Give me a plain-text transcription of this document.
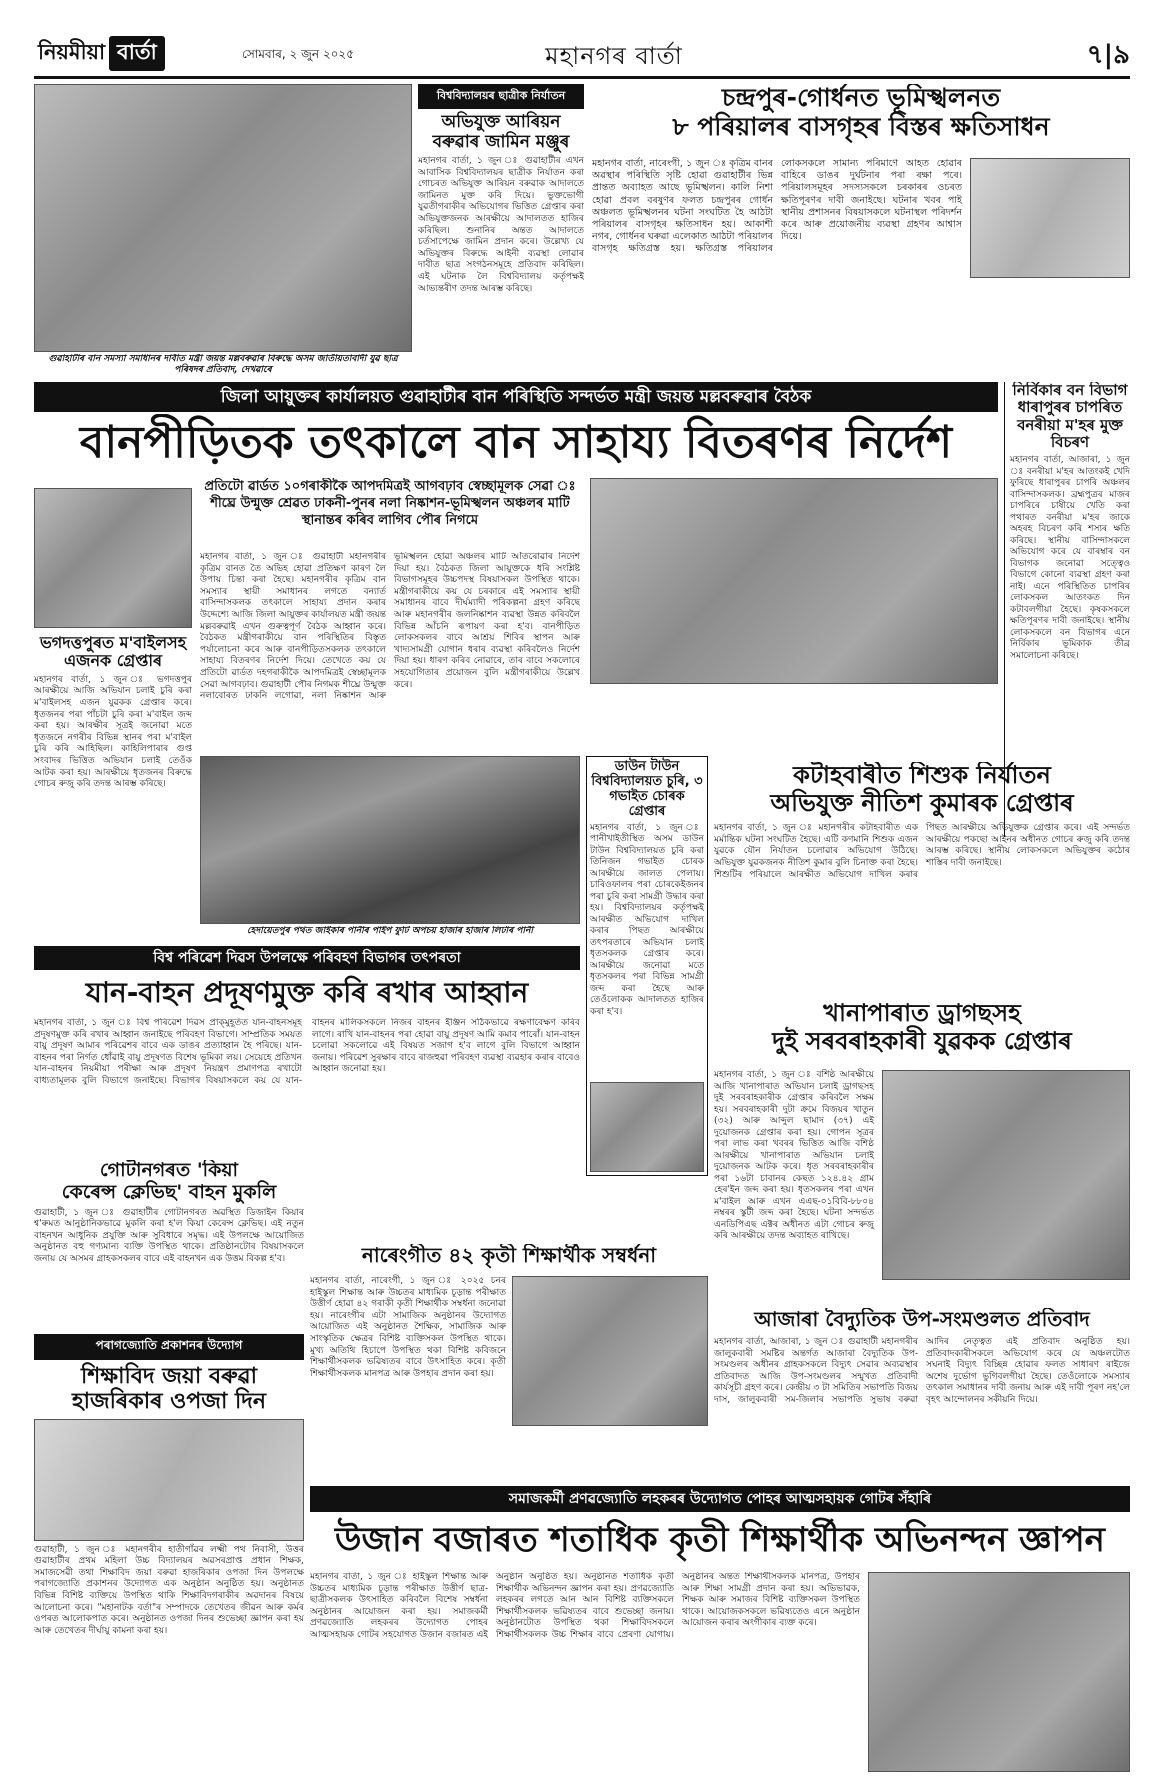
নিয়মীয়া বাৰ্তা	সোমবাৰ, ২ জুন ২০২৫	মহানগৰ বাৰ্তা	৭|৯
গুৱাহাটীৰ বান সমস্যা সমাধানৰ দাবীত মন্ত্ৰী জয়ন্ত মল্লবৰুৱাৰ বিৰুদ্ধে অসম জাতীয়তাবাদী যুৱ ছাত্ৰ পৰিষদৰ প্ৰতিবাদ, দেখৱাৰে
বিশ্ববিদ্যালয়ৰ ছাত্ৰীক নিৰ্যাতন
অভিযুক্ত আৰিয়ন বৰুৱাৰ জামিন মঞ্জুৰ
মহানগৰ বাৰ্তা, ১ জুন ঃ গুৱাহাটীৰ এখন আবাসিক বিশ্ববিদ্যালয়ৰ ছাত্ৰীক নিৰ্যাতন কৰা গোচৰত অভিযুক্ত আৰিয়ন বৰুৱাক আদালতে জামিনত মুক্ত কৰি দিয়ে। ভুক্তভোগী যুৱতীগৰাকীৰ অভিযোগৰ ভিত্তিত গ্ৰেপ্তাৰ কৰা অভিযুক্তজনক আৰক্ষীয়ে আদালতত হাজিৰ কৰিছিল। শুনানিৰ অন্তত আদালতে চৰ্তসাপেক্ষে জামিন প্ৰদান কৰে। উল্লেখ্য যে অভিযুক্তৰ বিৰুদ্ধে আইনী ব্যৱস্থা লোৱাৰ দাবীত ছাত্ৰ সংগঠনসমূহে প্ৰতিবাদ কৰিছিল। এই ঘটনাক লৈ বিশ্ববিদ্যালয় কৰ্তৃপক্ষই আভ্যন্তৰীণ তদন্ত আৰম্ভ কৰিছে।
চন্দ্ৰপুৰ-গোৰ্ধনত ভূমিস্খলনত
৮ পৰিয়ালৰ বাসগৃহৰ বিস্তৰ ক্ষতিসাধন
মহানগৰ বাৰ্তা, নাৰেংগী, ১ জুন ঃ কৃত্ৰিম বানৰ অৱস্থাৰ পৰিস্থিতি সৃষ্টি হোৱা গুৱাহাটীৰ ভিন্ন প্ৰান্তত অব্যাহত আছে ভূমিস্খলন। কালি নিশা হোৱা প্ৰবল বৰষুণৰ ফলত চন্দ্ৰপুৰৰ গোৰ্ধন অঞ্চলত ভূমিস্খলনৰ ঘটনা সংঘটিত হৈ আঠটা পৰিয়ালৰ বাসগৃহৰ ক্ষতিসাধন হয়। আকাশী নগৰ, গোৰ্ধনৰ ঘৰুৱা এলেকাত আঠটা পৰিয়ালৰ বাসগৃহ ক্ষতিগ্ৰস্ত হয়। ক্ষতিগ্ৰস্ত পৰিয়ালৰ লোকসকলে সামান্য পৰিমাণে আহত হোৱাৰ বাহিৰে ডাঙৰ দুৰ্ঘটনাৰ পৰা ৰক্ষা পৰে। পৰিয়ালসমূহৰ সদস্যসকলে চৰকাৰৰ ওচৰত ক্ষতিপূৰণৰ দাবী জনাইছে। ঘটনাৰ খবৰ পাই স্থানীয় প্ৰশাসনৰ বিষয়াসকলে ঘটনাস্থল পৰিদৰ্শন কৰে আৰু প্ৰয়োজনীয় ব্যৱস্থা গ্ৰহণৰ আশ্বাস দিয়ে।
জিলা আয়ুক্তৰ কাৰ্যালয়ত গুৱাহাটীৰ বান পৰিস্থিতি সন্দৰ্ভত মন্ত্ৰী জয়ন্ত মল্লবৰুৱাৰ বৈঠক
বানপীড়িতক তৎকালে বান সাহায্য বিতৰণৰ নিৰ্দেশ
নিৰ্বিকাৰ বন বিভাগ ধাৰাপুৰৰ চাপৰিত বনৰীয়া ম'হৰ মুক্ত বিচৰণ
মহানগৰ বাৰ্তা, আজাৰা, ১ জুন ঃ বনৰীয়া ম'হৰ আতংকই খেদি ফুৰিছে ধাৰাপুৰৰ চাপৰি অঞ্চলৰ বাসিন্দাসকলক। ব্ৰহ্মপুত্ৰৰ মাজৰ চাপৰিৰে চাষীয়ে খেতি কৰা পথাৰত বনৰীয়া ম'হৰ জাকে অহৰহ বিচৰণ কৰি শস্যৰ ক্ষতি কৰিছে। স্থানীয় বাসিন্দাসকলে অভিযোগ কৰে যে বাৰম্বাৰ বন বিভাগক জনোৱা সত্ত্বেও বিভাগে কোনো ব্যৱস্থা গ্ৰহণ কৰা নাই। এনে পৰিস্থিতিত চাপৰিৰ লোকসকল আতংকত দিন কটাবলগীয়া হৈছে। কৃষকসকলে ক্ষতিপূৰণৰ দাবী জনাইছে। স্থানীয় লোকসকলে বন বিভাগৰ এনে নিৰ্বিকাৰ ভূমিকাক তীব্ৰ সমালোচনা কৰিছে।
ভগদত্তপুৰত ম'বাইলসহ এজনক গ্ৰেপ্তাৰ
মহানগৰ বাৰ্তা, ১ জুন ঃ ভগদত্তপুৰ আৰক্ষীয়ে আজি অভিযান চলাই চুৰি কৰা ম'বাইলসহ এজন যুৱকক গ্ৰেপ্তাৰ কৰে। ধৃতজনৰ পৰা পাঁচটা চুৰি কৰা ম'বাইল জব্দ কৰা হয়। আৰক্ষীৰ সূত্ৰই জনোৱা মতে ধৃতজনে নগৰীৰ বিভিন্ন স্থানৰ পৰা ম'বাইল চুৰি কৰি আহিছিল। কাহিলিপাৰাৰ গুপ্ত সংবাদৰ ভিত্তিত অভিযান চলাই তেওঁক আটক কৰা হয়। আৰক্ষীয়ে ধৃতজনৰ বিৰুদ্ধে গোচৰ ৰুজু কৰি তদন্ত আৰম্ভ কৰিছে।
প্ৰতিটো ৱাৰ্ডত ১০গৰাকীকৈ আপদমিত্ৰই আগবঢ়াব স্বেচ্ছামূলক সেৱা ঃ শীঘ্ৰে উন্মুক্ত শ্ৰেৱত ঢাকনী-পুনৰ নলা নিষ্কাশন-ভূমিস্খলন অঞ্চলৰ মাটি স্থানান্তৰ কৰিব লাগিব পৌৰ নিগমে
মহানগৰ বাৰ্তা, ১ জুন ঃ গুৱাহাটী মহানগৰীৰ কৃত্ৰিম বানত তৈ অভিহ হোৱা প্ৰতিক্ষণ কাৰণ লৈ উপায় চিন্তা কৰা হৈছে। মহানগৰীৰ কৃত্ৰিম বান সমস্যাৰ স্থায়ী সমাধানৰ লগতে বন্যাৰ্ত বাসিন্দাসকলক তৎকালে সাহায্য প্ৰদান কৰাৰ উদ্দেশ্যে আজি জিলা আয়ুক্তৰ কাৰ্যালয়ত মন্ত্ৰী জয়ন্ত মল্লবৰুৱাই এখন গুৰুত্বপূৰ্ণ বৈঠক আহ্বান কৰে। বৈঠকত মন্ত্ৰীগৰাকীয়ে বান পৰিস্থিতিৰ বিস্তৃত পৰ্যালোচনা কৰে আৰু বানপীড়িতসকলক তৎকালে সাহায্য বিতৰণৰ নিৰ্দেশ দিয়ে। তেখেতে কয় যে প্ৰতিটো ৱাৰ্ডত দহগৰাকীকৈ আপদমিত্ৰই স্বেচ্ছামূলক সেৱা আগবঢ়াব। গুৱাহাটী পৌৰ নিগমক শীঘ্ৰে উন্মুক্ত নলাবোৰত ঢাকনি লগোৱা, নলা নিষ্কাশন আৰু ভূমিস্খলন হোৱা অঞ্চলৰ মাটি আঁতৰোৱাৰ নিৰ্দেশ দিয়া হয়। বৈঠকত জিলা আয়ুক্তকে ধৰি সংশ্লিষ্ট বিভাগসমূহৰ উচ্চপদস্থ বিষয়াসকল উপস্থিত থাকে। মন্ত্ৰীগৰাকীয়ে কয় যে চৰকাৰে এই সমস্যাৰ স্থায়ী সমাধানৰ বাবে দীৰ্ঘম্যাদী পৰিকল্পনা গ্ৰহণ কৰিছে আৰু মহানগৰীৰ জলনিষ্কাশন ব্যৱস্থা উন্নত কৰিবলৈ বিভিন্ন আঁচনি ৰূপায়ণ কৰা হ'ব। বানপীড়িত লোকসকলৰ বাবে আশ্ৰয় শিবিৰ স্থাপন আৰু খাদ্যসামগ্ৰী যোগান ধৰাৰ ব্যৱস্থা কৰিবলৈও নিৰ্দেশ দিয়া হয়। ধাৰণ কৰিব নোৱাৰে, তাৰ বাবে সকলোৰে সহযোগিতাৰ প্ৰয়োজন বুলি মন্ত্ৰীগৰাকীয়ে উল্লেখ কৰে।
হেদায়েতপুৰ পথত জাইকাৰ পানীৰ পাইপ ফুটি অপচয় হাজাৰ হাজাৰ লিটাৰ পানী
ডাউন টাউন বিশ্ববিদ্যালয়ত চুৰি, ৩ গভাইত চোৰক গ্ৰেপ্তাৰ
মহানগৰ বাৰ্তা, ১ জুন ঃ পানীখাইতীস্থিত অসম ডাউন টাউন বিশ্ববিদ্যালয়ত চুৰি কৰা তিনিজন গভাইত চোৰক আৰক্ষীয়ে জালত পেলায়। চাৰিওফালৰ পৰা চোৰকেইজনৰ পৰা চুৰি কৰা সামগ্ৰী উদ্ধাৰ কৰা হয়। বিশ্ববিদ্যালয়ৰ কৰ্তৃপক্ষই আৰক্ষীত অভিযোগ দাখিল কৰাৰ পিছত আৰক্ষীয়ে তৎপৰতাৰে অভিযান চলাই ধৃতসকলক গ্ৰেপ্তাৰ কৰে। আৰক্ষীয়ে জনোৱা মতে ধৃতসকলৰ পৰা বিভিন্ন সামগ্ৰী জব্দ কৰা হৈছে আৰু তেওঁলোকক আদালতত হাজিৰ কৰা হ'ব।
কটাহবাৰীত শিশুক নিৰ্যাতন
অভিযুক্ত নীতিশ কুমাৰক গ্ৰেপ্তাৰ
মহানগৰ বাৰ্তা, ১ জুন ঃ মহানগৰীৰ কটাহবাৰীত এক মৰ্মান্তিক ঘটনা সংঘটিত হৈছে। এটি কণমানি শিশুক এজন যুৱকে যৌন নিৰ্যাতন চলোৱাৰ অভিযোগ উঠিছে। অভিযুক্ত যুৱকজনক নীতিশ কুমাৰ বুলি চিনাক্ত কৰা হৈছে। শিশুটিৰ পৰিয়ালে আৰক্ষীত অভিযোগ দাখিল কৰাৰ পিছত আৰক্ষীয়ে অভিযুক্তক গ্ৰেপ্তাৰ কৰে। এই সন্দৰ্ভত আৰক্ষীয়ে পকছো আইনৰ অধীনত গোচৰ ৰুজু কৰি তদন্ত আৰম্ভ কৰিছে। স্থানীয় লোকসকলে অভিযুক্তৰ কঠোৰ শাস্তিৰ দাবী জনাইছে।
বিশ্ব পৰিৱেশ দিৱস উপলক্ষে পৰিবহণ বিভাগৰ তৎপৰতা
যান-বাহন প্ৰদূষণমুক্ত কৰি ৰখাৰ আহ্বান
মহানগৰ বাৰ্তা, ১ জুন ঃ বিশ্ব পৰিৱেশ দিৱস প্ৰাক্‌মুহূৰ্তত যান-বাহনসমূহ প্ৰদূষণমুক্ত কৰি ৰখাৰ আহ্বান জনাইছে পৰিবহণ বিভাগে। সাম্প্ৰতিক সময়ত বায়ু প্ৰদূষণ আমাৰ পৰিৱেশৰ বাবে এক ডাঙৰ প্ৰত্যাহ্বান হৈ পৰিছে। যান-বাহনৰ পৰা নিৰ্গত ধোঁৱাই বায়ু প্ৰদূষণত বিশেষ ভূমিকা লয়। সেয়েহে প্ৰতিখন যান-বাহনৰ নিয়মীয়া পৰীক্ষা আৰু প্ৰদূষণ নিয়ন্ত্ৰণ প্ৰমাণপত্ৰ ৰখাটো বাধ্যতামূলক বুলি বিভাগে জনাইছে। বিভাগৰ বিষয়াসকলে কয় যে যান-বাহনৰ মালিকসকলে নিজৰ বাহনৰ ইঞ্জিন সঠিকভাৱে ৰক্ষণাবেক্ষণ কৰিব লাগে। ৰাখি যান-বাহনৰ পৰা হোৱা বায়ু প্ৰদূষণ আমি কমাব পাৰোঁ। যান-বাহন চলোৱা সকলোৱে এই বিষয়ত সজাগ হ'ব লাগে বুলি বিভাগে আহ্বান জনায়। পৰিৱেশ সুৰক্ষাৰ বাবে ৰাজহুৱা পৰিবহণ ব্যৱস্থা ব্যৱহাৰ কৰাৰ বাবেও আহ্বান জনোৱা হয়।
খানাপাৰাত ড্ৰাগছসহ
দুই সৰবৰাহকাৰী যুৱকক গ্ৰেপ্তাৰ
মহানগৰ বাৰ্তা, ১ জুন ঃ বশিষ্ঠ আৰক্ষীয়ে আজি খানাপাৰাত অভিযান চলাই ড্ৰাগছসহ দুই সৰবৰাহকাৰীক গ্ৰেপ্তাৰ কৰিবলৈ সক্ষম হয়। সৰবৰাহকাৰী দুটা ক্ৰমে বিজয়ৰ খাতুন (৩২) আৰু আব্দুল ছামাদ (৩৭) এই দুয়োজনক গ্ৰেপ্তাৰ কৰা হয়। গোপন সূত্ৰৰ পৰা লাভ কৰা খবৰৰ ভিত্তিত আজি বশিষ্ঠ আৰক্ষীয়ে খানাপাৰাত অভিযান চলাই দুয়োজনক আটক কৰে। ধৃত সৰবৰাহকাৰীৰ পৰা ১৬টা চাবানৰ কেছত ১২৪.৪২ গ্ৰাম হেৰ'ইন জব্দ কৰা হয়। ধৃতসকলৰ পৰা এখন ম'বাইল আৰু এখন এএছ-০১বিবি-৮৮০৪ নম্বৰৰ স্কুটী জব্দ কৰা হৈছে। ঘটনা সন্দৰ্ভত এনডিপিএছ এক্টৰ অধীনত এটা গোচৰ ৰুজু কৰি আৰক্ষীয়ে তদন্ত অব্যাহত ৰাখিছে।
গোটানগৰত 'কিয়া
কেৰেন্স ক্লেভিছ' বাহন মুকলি
গুৱাহাটী, ১ জুন ঃ গুৱাহাটীৰ গোটানগৰত অৱস্থিত ডিজাইন কিয়াৰ শ্ব'ৰুমত আনুষ্ঠানিকভাৱে মুকলি কৰা হ'ল কিয়া কেৰেন্স ক্লেভিছ। এই নতুন বাহনখন আধুনিক প্ৰযুক্তি আৰু সুবিধাৰে সমৃদ্ধ। এই উপলক্ষে আয়োজিত অনুষ্ঠানত বহু গণ্যমান্য ব্যক্তি উপস্থিত থাকে। প্ৰতিষ্ঠানটোৰ বিষয়াসকলে জনায় যে অসমৰ গ্ৰাহকসকলৰ বাবে এই বাহনখন এক উত্তম বিকল্প হ'ব।
পৰাগজ্যোতি প্ৰকাশনৰ উদ্যোগ
শিক্ষাবিদ জয়া বৰুৱা
হাজৰিকাৰ ওপজা দিন
গুৱাহাটী, ১ জুন ঃ মহানগৰীৰ হাতীগাঁৱৰ লক্ষ্মী পথ নিবাসী, উত্তৰ গুৱাহাটীৰ প্ৰথম মহিলা উচ্চ বিদ্যালয়ৰ অৱসৰপ্ৰাপ্ত প্ৰধান শিক্ষক, সমাজসেৱী তথা শিক্ষাবিদ জয়া বৰুৱা হাজৰিকাৰ ওপজা দিন উপলক্ষে পৰাগজ্যোতি প্ৰকাশনৰ উদ্যোগত এক অনুষ্ঠান অনুষ্ঠিত হয়। অনুষ্ঠানত বিভিন্ন বিশিষ্ট ব্যক্তিয়ে উপস্থিত থাকি শিক্ষাবিদগৰাকীৰ অৱদানৰ বিষয়ে আলোচনা কৰে। "মহানাটক বৰ্তা"ৰ সম্পাদকে তেখেতৰ জীৱন আৰু কৰ্মৰ ওপৰত আলোকপাত কৰে। অনুষ্ঠানত ওপজা দিনৰ শুভেচ্ছা জ্ঞাপন কৰা হয় আৰু তেখেতৰ দীৰ্ঘায়ু কামনা কৰা হয়।
নাৰেংগীত ৪২ কৃতী শিক্ষাৰ্থীক সম্বৰ্ধনা
মহানগৰ বাৰ্তা, নাৰেংগী, ১ জুন ঃ ২০২৫ চনৰ হাইস্কুল শিক্ষান্ত আৰু উচ্চতৰ মাধ্যমিক চূড়ান্ত পৰীক্ষাত উত্তীৰ্ণ হোৱা ৪২ গৰাকী কৃতী শিক্ষাৰ্থীক সম্বৰ্ধনা জনোৱা হয়। নাৰেংগীৰ এটা সামাজিক অনুষ্ঠানৰ উদ্যোগত আয়োজিত এই অনুষ্ঠানত শৈক্ষিক, সামাজিক আৰু সাংস্কৃতিক ক্ষেত্ৰৰ বিশিষ্ট ব্যক্তিসকল উপস্থিত থাকে। মুখ্য অতিথি হিচাপে উপস্থিত থকা বিশিষ্ট কবিজনে শিক্ষাৰ্থীসকলক ভৱিষ্যতৰ বাবে উৎসাহিত কৰে। কৃতী শিক্ষাৰ্থীসকলক মানপত্ৰ আৰু উপহাৰ প্ৰদান কৰা হয়।
আজাৰা বৈদ্যুতিক উপ-সংমণ্ডলত প্ৰতিবাদ
মহানগৰ বাৰ্তা, আজাৰা, ১ জুন ঃ গুৱাহাটী মহানগৰীৰ জালুকবাৰী সমষ্টিৰ অন্তৰ্গত আজাৰা বৈদ্যুতিক উপ-সংমণ্ডলৰ অধীনৰ গ্ৰাহকসকলে বিদ্যুৎ সেৱাৰ অব্যৱস্থাৰ প্ৰতিবাদত আজি উপ-সংমণ্ডলৰ সন্মুখত প্ৰতিবাদী কাৰ্যসূচী গ্ৰহণ কৰে। কেন্দ্ৰীয় ৩ টা সমিতিৰ সভাপতি বিজয় দাস, জালুকবাৰী সম-জিলাৰ সভাপতি সুভাষ বৰুৱা আদিৰ নেতৃত্বত এই প্ৰতিবাদ অনুষ্ঠিত হয়। প্ৰতিবাদকাৰীসকলে অভিযোগ কৰে যে অঞ্চলটোত সঘনাই বিদ্যুৎ বিচ্ছিন্ন হোৱাৰ ফলত সাধাৰণ ৰাইজে অশেষ দুৰ্ভোগ ভুগিবলগীয়া হৈছে। তেওঁলোকে সমস্যাৰ তৎকাল সমাধানৰ দাবী জনায় আৰু এই দাবী পূৰণ নহ'লে বৃহৎ আন্দোলনৰ সকীয়নি দিয়ে।
সমাজকৰ্মী প্ৰণৱজ্যোতি লহকৰৰ উদ্যোগত পোহৰ আত্মসহায়ক গোটৰ সঁহাৰি
উজান বজাৰত শতাধিক কৃতী শিক্ষাৰ্থীক অভিনন্দন জ্ঞাপন
মহানগৰ বাৰ্তা, ১ জুন ঃ হাইস্কুল শিক্ষান্ত আৰু উচ্চতৰ মাধ্যমিক চূড়ান্ত পৰীক্ষাত উত্তীৰ্ণ ছাত্ৰ-ছাত্ৰীসকলক উৎসাহিত কৰিবলৈ বিশেষ সম্বৰ্ধনা অনুষ্ঠানৰ আয়োজন কৰা হয়। সমাজকৰ্মী প্ৰণৱজ্যোতি লহকৰৰ উদ্যোগত পোহৰ আত্মসহায়ক গোটৰ সহযোগত উজান বজাৰত এই অনুষ্ঠান অনুষ্ঠিত হয়। অনুষ্ঠানত শতাধিক কৃতী শিক্ষাৰ্থীক অভিনন্দন জ্ঞাপন কৰা হয়। প্ৰণৱজ্যোতি লহকৰৰ লগতে আন আন বিশিষ্ট ব্যক্তিসকলে শিক্ষাৰ্থীসকলক ভৱিষ্যতৰ বাবে শুভেচ্ছা জনায়। অনুষ্ঠানটোত উপস্থিত থকা শিক্ষাবিদসকলে শিক্ষাৰ্থীসকলক উচ্চ শিক্ষাৰ বাবে প্ৰেৰণা যোগায়। অনুষ্ঠানৰ অন্তত শিক্ষাৰ্থীসকলক মানপত্ৰ, উপহাৰ আৰু শিক্ষা সামগ্ৰী প্ৰদান কৰা হয়। অভিভাৱক, শিক্ষক আৰু সমাজৰ বিশিষ্ট ব্যক্তিসকল উপস্থিত থাকে। আয়োজকসকলে ভৱিষ্যতেও এনে অনুষ্ঠান আয়োজন কৰাৰ অংগীকাৰ ব্যক্ত কৰে।
